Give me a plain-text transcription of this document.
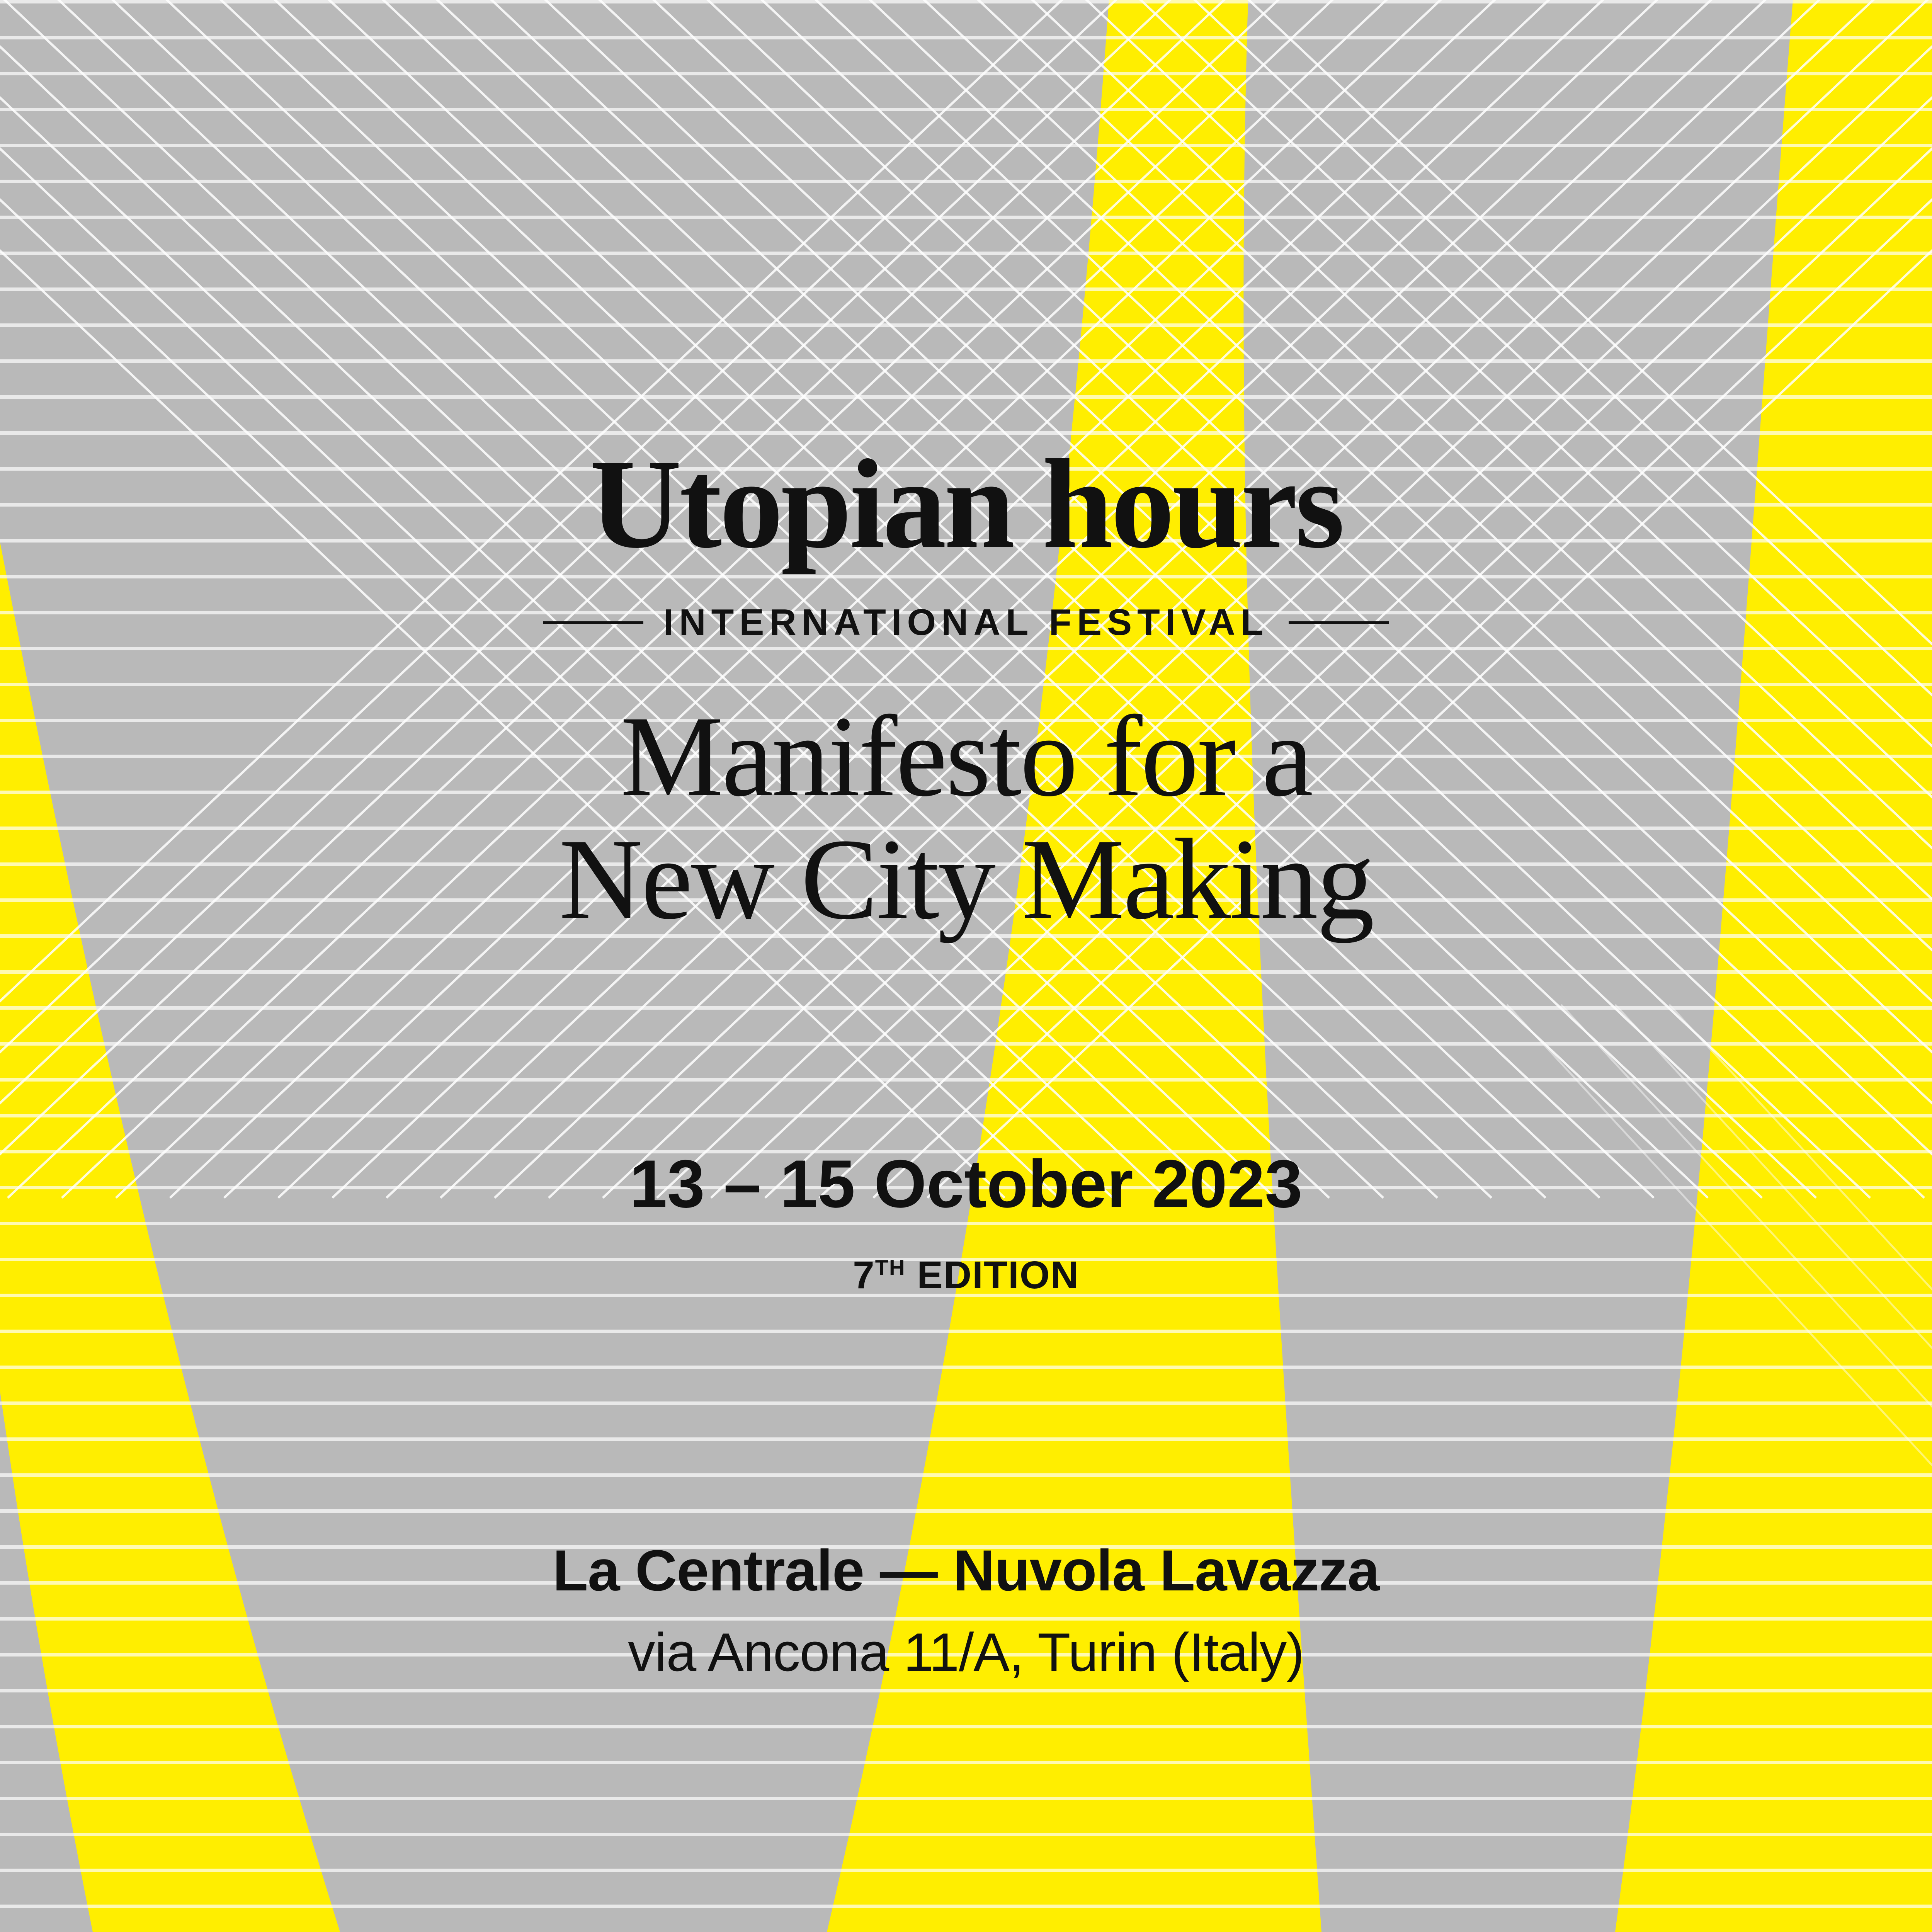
Utopian hours
INTERNATIONAL FESTIVAL
Manifesto for a
New City Making
13 – 15 October 2023
7TH EDITION
La Centrale — Nuvola Lavazza
via Ancona 11/A, Turin (Italy)
